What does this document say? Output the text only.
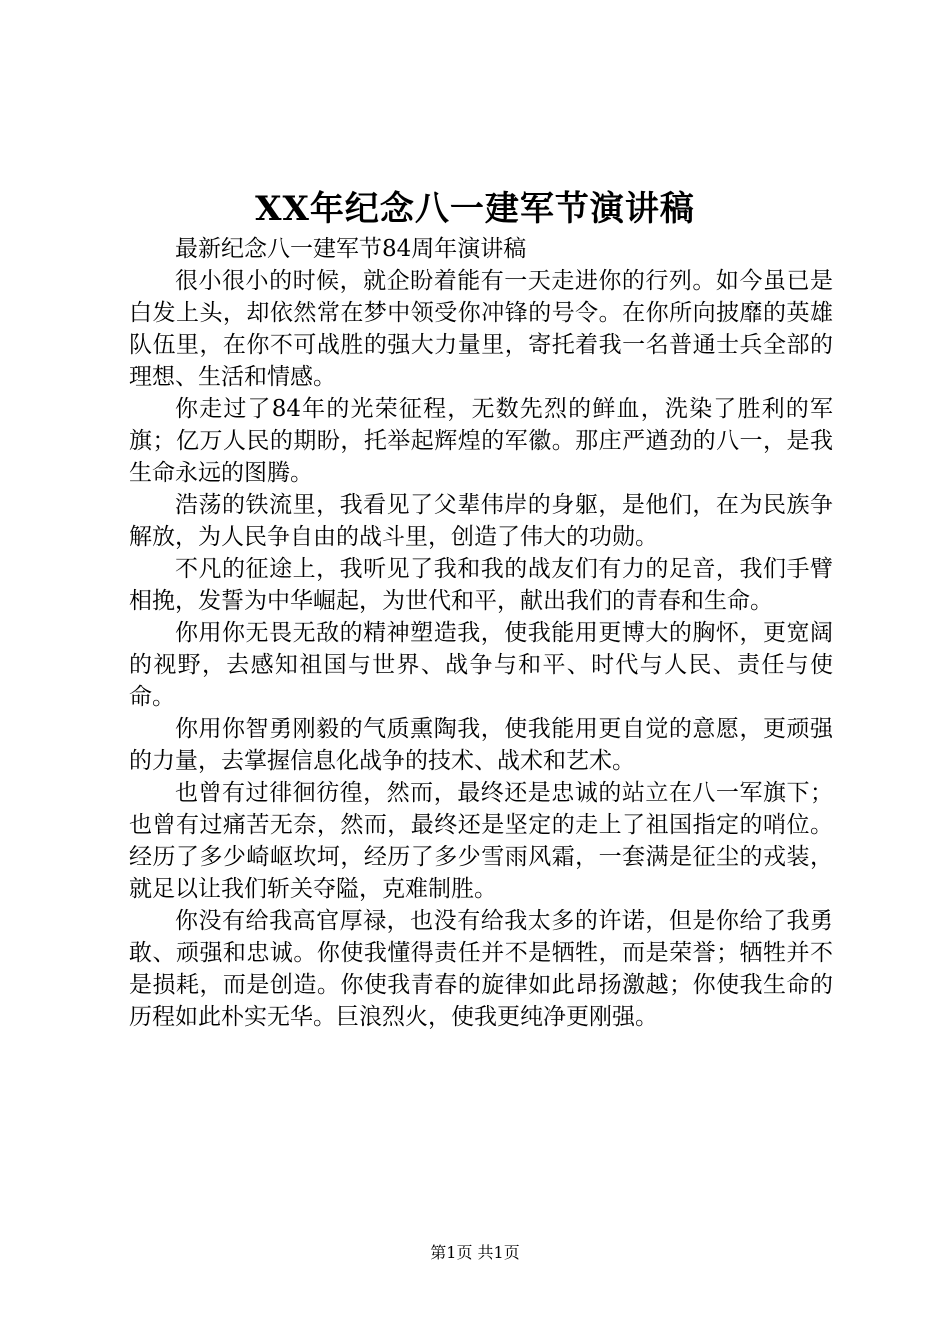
XX年纪念八一建军节演讲稿

最新纪念八一建军节84周年演讲稿

很小很小的时候，就企盼着能有一天走进你的行列。如今虽已是白发上头，却依然常在梦中领受你冲锋的号令。在你所向披靡的英雄队伍里，在你不可战胜的强大力量里，寄托着我一名普通士兵全部的理想、生活和情感。

你走过了84年的光荣征程，无数先烈的鲜血，洗染了胜利的军旗；亿万人民的期盼，托举起辉煌的军徽。那庄严遒劲的八一，是我生命永远的图腾。

浩荡的铁流里，我看见了父辈伟岸的身躯，是他们，在为民族争解放，为人民争自由的战斗里，创造了伟大的功勋。

不凡的征途上，我听见了我和我的战友们有力的足音，我们手臂相挽，发誓为中华崛起，为世代和平，献出我们的青春和生命。

你用你无畏无敌的精神塑造我，使我能用更博大的胸怀，更宽阔的视野，去感知祖国与世界、战争与和平、时代与人民、责任与使命。

你用你智勇刚毅的气质熏陶我，使我能用更自觉的意愿，更顽强的力量，去掌握信息化战争的技术、战术和艺术。

也曾有过徘徊彷徨，然而，最终还是忠诚的站立在八一军旗下；也曾有过痛苦无奈，然而，最终还是坚定的走上了祖国指定的哨位。经历了多少崎岖坎坷，经历了多少雪雨风霜，一套满是征尘的戎装，就足以让我们斩关夺隘，克难制胜。

你没有给我高官厚禄，也没有给我太多的许诺，但是你给了我勇敢、顽强和忠诚。你使我懂得责任并不是牺牲，而是荣誉；牺牲并不是损耗，而是创造。你使我青春的旋律如此昂扬激越；你使我生命的历程如此朴实无华。巨浪烈火，使我更纯净更刚强。

第1页 共1页
